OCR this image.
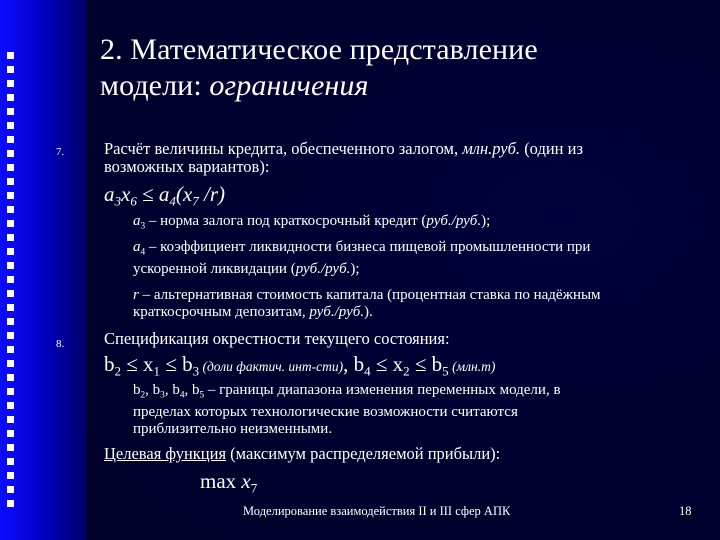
2. Математическое представление
модели: ограничения
7. Расчёт величины кредита, обеспеченного залогом, млн.руб. (один из
возможных вариантов):
$a_3x_6 \le a_4(x_7$ /r)
$a_3$ – норма залога под краткосрочный кредит (руб./руб.);
$a_4$ – коэффициент ликвидности бизнеса пищевой промышленности при
ускоренной ликвидации (руб./руб.);
r – альтернативная стоимость капитала (процентная ставка по надёжным
краткосрочным депозитам, руб./руб.).
8. Спецификация окрестности текущего состояния:
$b_2 \le x_1 \le b_3$ (доли фактич. инт-сти), $b_4 \le x_2 \le b_5$ (млн.т)
$b_2$, $b_3$, $b_4$, $b_5$ – границы диапазона изменения переменных модели, в
пределах которых технологические возможности считаются
приблизительно неизменными.
Целевая функция (максимум распределяемой прибыли):
$\max x_7$
Моделирование взаимодействия II и III сфер АПК	18
